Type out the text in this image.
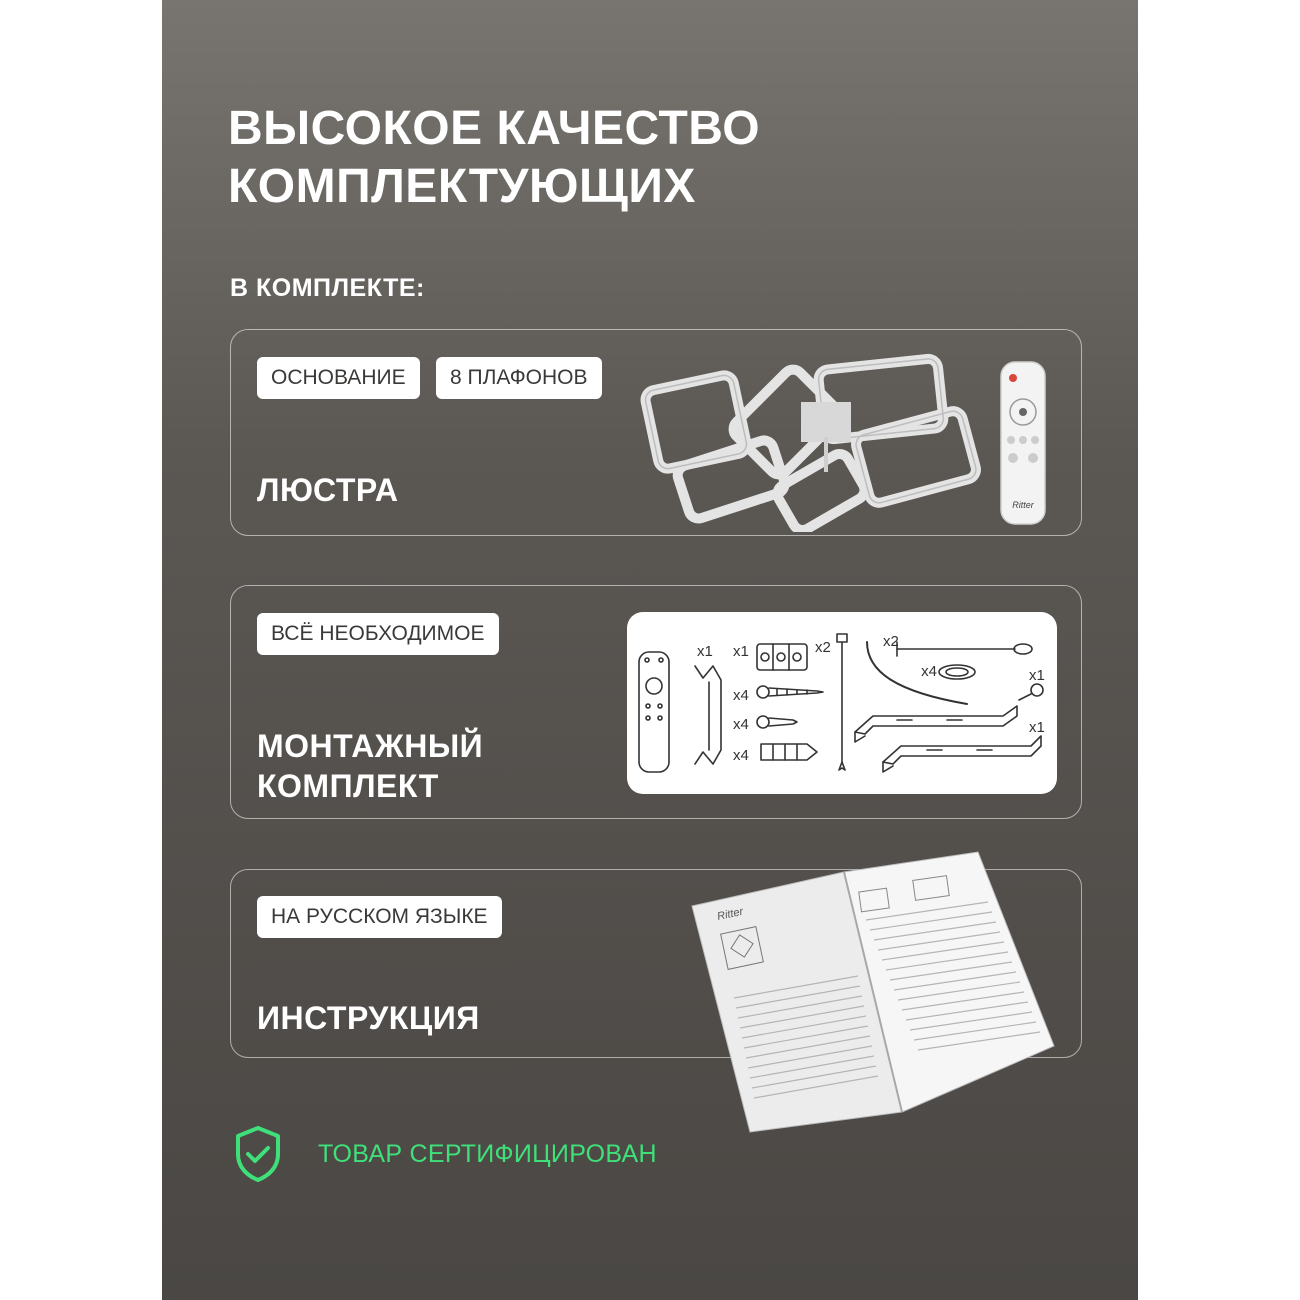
ВЫСОКОЕ КАЧЕСТВО
КОМПЛЕКТУЮЩИХ
В КОМПЛЕКТЕ:
ОСНОВАНИЕ	8 ПЛАФОНОВ
ЛЮСТРА	Ritter
ВСЁ НЕОБХОДИМОЕ
МОНТАЖНЫЙ
КОМПЛЕКТ
x1 x1	x2	x2
x4	x1
x4
x4
x4
x1
НА РУССКОМ ЯЗЫКЕ
ИНСТРУКЦИЯ
Ritter
ТОВАР СЕРТИФИЦИРОВАН
